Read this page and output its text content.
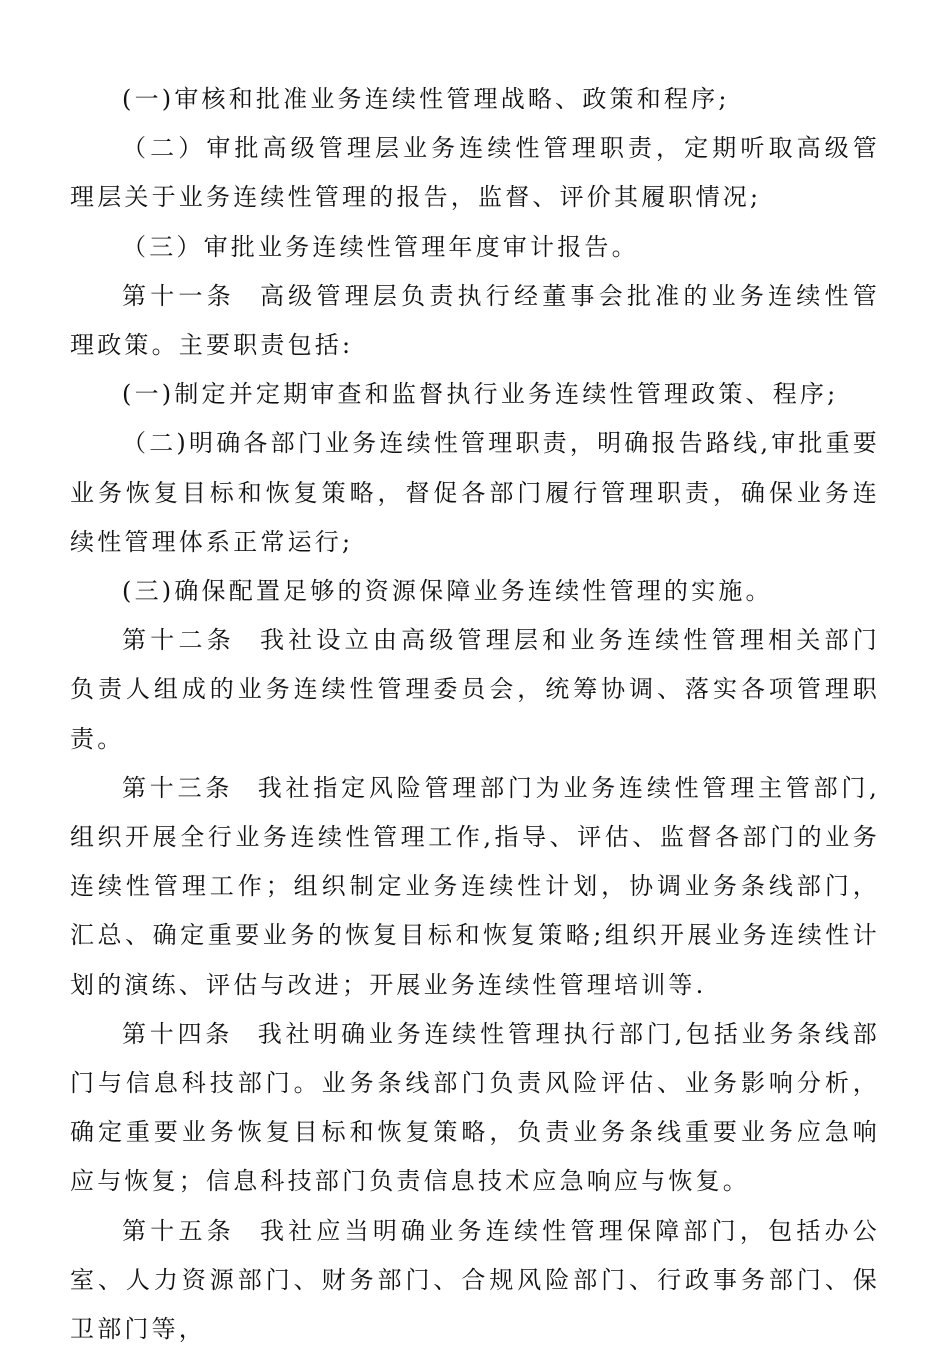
(一)审核和批准业务连续性管理战略、政策和程序;

（二）审批高级管理层业务连续性管理职责，定期听取高级管理层关于业务连续性管理的报告，监督、评价其履职情况;

（三）审批业务连续性管理年度审计报告。

第十一条 高级管理层负责执行经董事会批准的业务连续性管理政策。主要职责包括:

(一)制定并定期审查和监督执行业务连续性管理政策、程序;

（二)明确各部门业务连续性管理职责，明确报告路线,审批重要业务恢复目标和恢复策略，督促各部门履行管理职责，确保业务连续性管理体系正常运行;

(三)确保配置足够的资源保障业务连续性管理的实施。

第十二条 我社设立由高级管理层和业务连续性管理相关部门负责人组成的业务连续性管理委员会，统筹协调、落实各项管理职责。

第十三条 我社指定风险管理部门为业务连续性管理主管部门,组织开展全行业务连续性管理工作,指导、评估、监督各部门的业务连续性管理工作；组织制定业务连续性计划，协调业务条线部门，汇总、确定重要业务的恢复目标和恢复策略;组织开展业务连续性计划的演练、评估与改进；开展业务连续性管理培训等.

第十四条 我社明确业务连续性管理执行部门,包括业务条线部门与信息科技部门。业务条线部门负责风险评估、业务影响分析，确定重要业务恢复目标和恢复策略，负责业务条线重要业务应急响应与恢复；信息科技部门负责信息技术应急响应与恢复。

第十五条 我社应当明确业务连续性管理保障部门，包括办公室、人力资源部门、财务部门、合规风险部门、行政事务部门、保卫部门等，
